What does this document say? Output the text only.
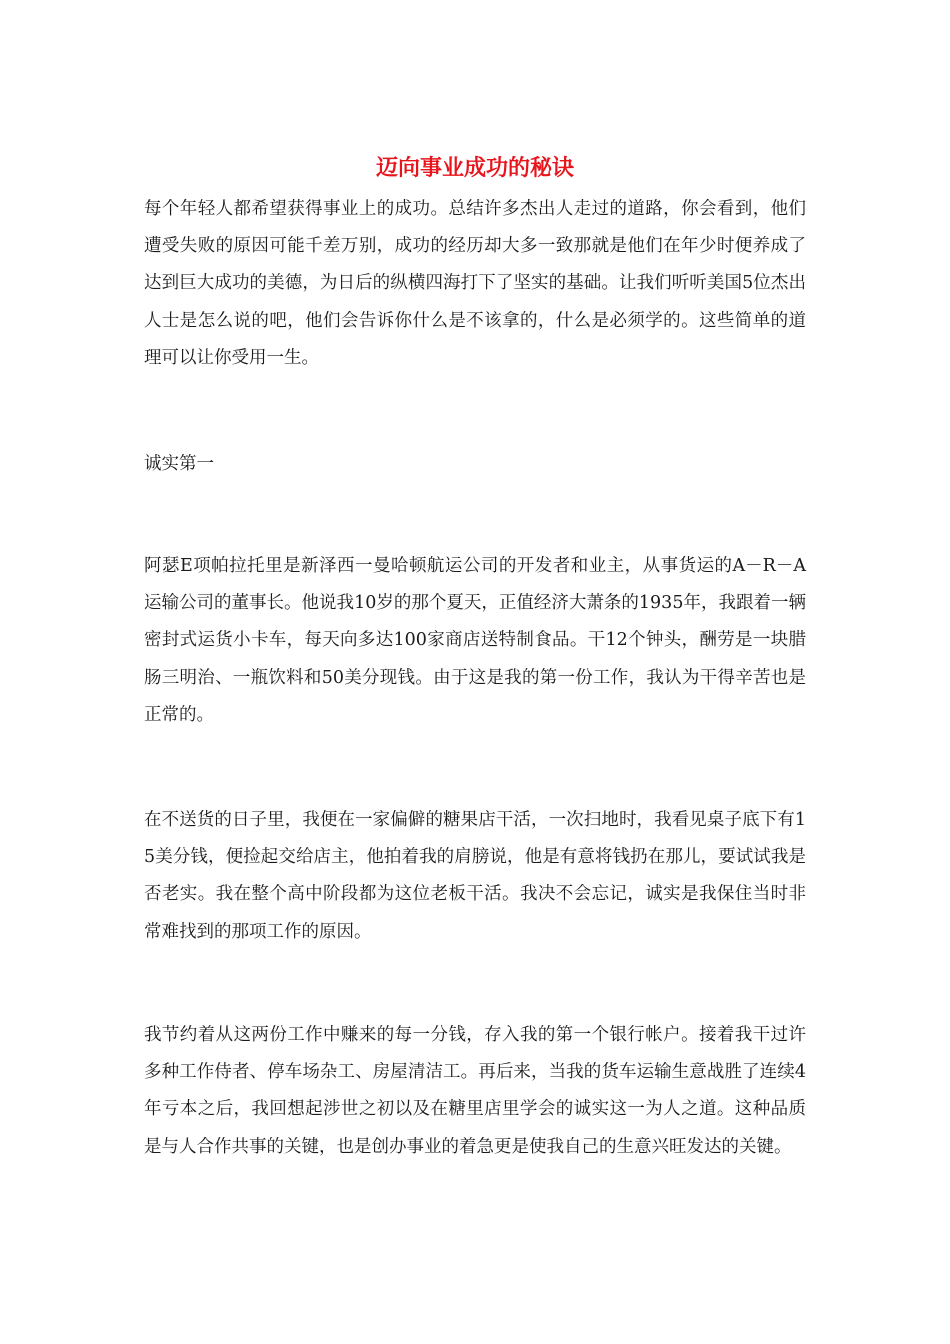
迈向事业成功的秘诀

每个年轻人都希望获得事业上的成功。总结许多杰出人走过的道路，你会看到，他们遭受失败的原因可能千差万别，成功的经历却大多一致那就是他们在年少时便养成了达到巨大成功的美德，为日后的纵横四海打下了坚实的基础。让我们听听美国5位杰出人士是怎么说的吧，他们会告诉你什么是不该拿的，什么是必须学的。这些简单的道理可以让你受用一生。

诚实第一

阿瑟E项帕拉托里是新泽西一曼哈顿航运公司的开发者和业主，从事货运的A－R－A运输公司的董事长。他说我10岁的那个夏天，正值经济大萧条的1935年，我跟着一辆密封式运货小卡车，每天向多达100家商店送特制食品。干12个钟头，酬劳是一块腊肠三明治、一瓶饮料和50美分现钱。由于这是我的第一份工作，我认为干得辛苦也是正常的。

在不送货的日子里，我便在一家偏僻的糖果店干活，一次扫地时，我看见桌子底下有15美分钱，便捡起交给店主，他拍着我的肩膀说，他是有意将钱扔在那儿，要试试我是否老实。我在整个高中阶段都为这位老板干活。我决不会忘记，诚实是我保住当时非常难找到的那项工作的原因。

我节约着从这两份工作中赚来的每一分钱，存入我的第一个银行帐户。接着我干过许多种工作侍者、停车场杂工、房屋清洁工。再后来，当我的货车运输生意战胜了连续4年亏本之后，我回想起涉世之初以及在糖里店里学会的诚实这一为人之道。这种品质是与人合作共事的关键，也是创办事业的着急更是使我自己的生意兴旺发达的关键。
